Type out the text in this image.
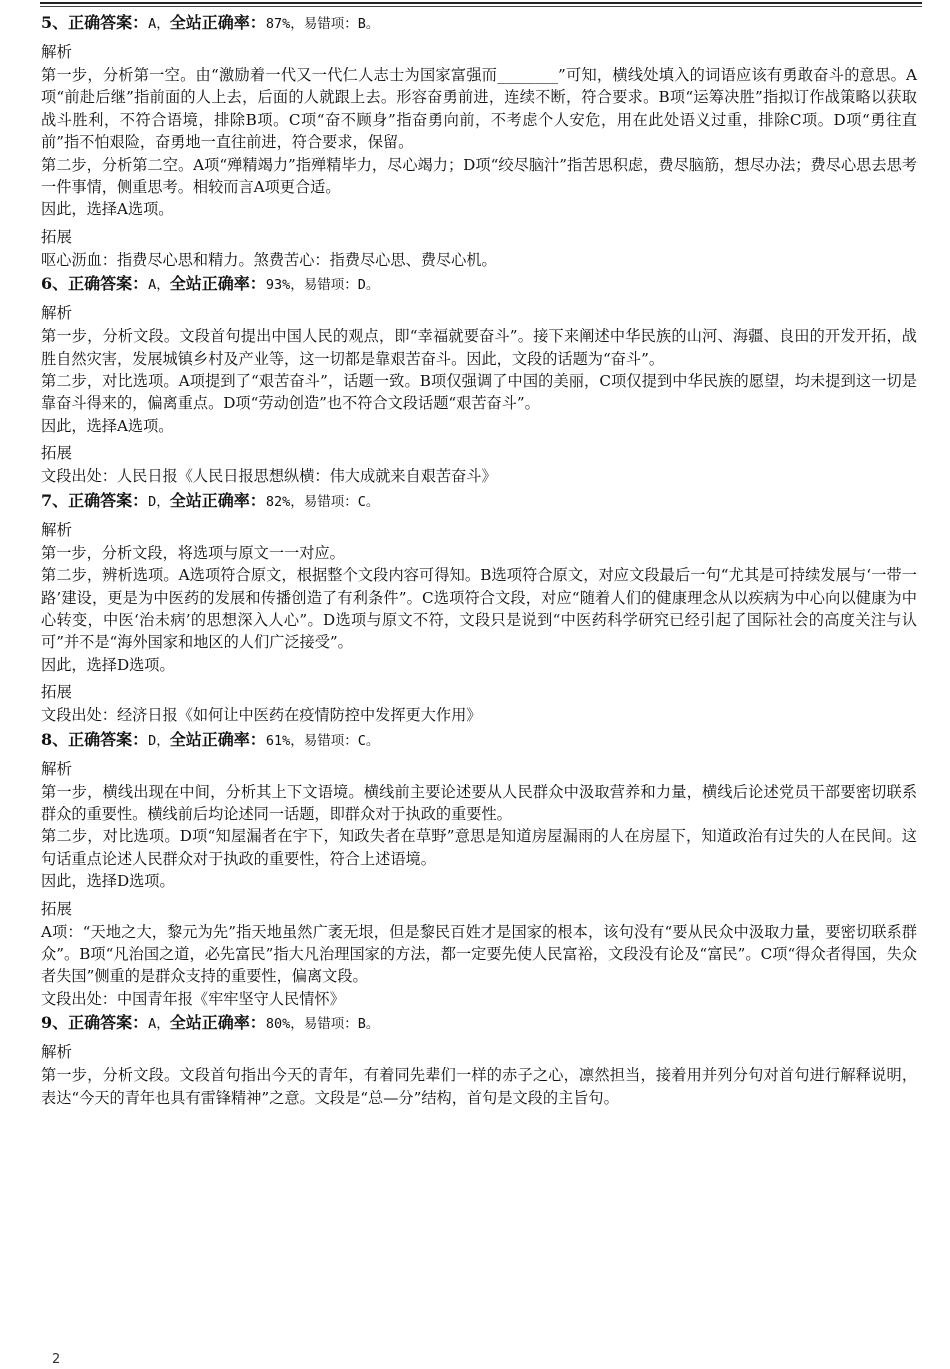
5、正确答案：A，全站正确率：87%，易错项：B。
解析

第一步，分析第一空。由“激励着一代又一代仁人志士为国家富强而________”可知，横线处填入的词语应该有勇敢奋斗的意思。A项“前赴后继”指前面的人上去，后面的人就跟上去。形容奋勇前进，连续不断，符合要求。B项“运筹决胜”指拟订作战策略以获取战斗胜利，不符合语境，排除B项。C项“奋不顾身”指奋勇向前，不考虑个人安危，用在此处语义过重，排除C项。D项“勇往直前”指不怕艰险，奋勇地一直往前进，符合要求，保留。

第二步，分析第二空。A项“殚精竭力”指殚精毕力，尽心竭力；D项“绞尽脑汁”指苦思积虑，费尽脑筋，想尽办法；费尽心思去思考一件事情，侧重思考。相较而言A项更合适。

因此，选择A选项。

拓展

呕心沥血：指费尽心思和精力。煞费苦心：指费尽心思、费尽心机。

6、正确答案：A，全站正确率：93%，易错项：D。
解析

第一步，分析文段。文段首句提出中国人民的观点，即“幸福就要奋斗”。接下来阐述中华民族的山河、海疆、良田的开发开拓，战胜自然灾害，发展城镇乡村及产业等，这一切都是靠艰苦奋斗。因此，文段的话题为“奋斗”。

第二步，对比选项。A项提到了“艰苦奋斗”，话题一致。B项仅强调了中国的美丽，C项仅提到中华民族的愿望，均未提到这一切是靠奋斗得来的，偏离重点。D项“劳动创造”也不符合文段话题“艰苦奋斗”。

因此，选择A选项。

拓展

文段出处：人民日报《人民日报思想纵横：伟大成就来自艰苦奋斗》

7、正确答案：D，全站正确率：82%，易错项：C。
解析

第一步，分析文段，将选项与原文一一对应。

第二步，辨析选项。A选项符合原文，根据整个文段内容可得知。B选项符合原文，对应文段最后一句“尤其是可持续发展与‘一带一路’建设，更是为中医药的发展和传播创造了有利条件”。C选项符合文段，对应“随着人们的健康理念从以疾病为中心向以健康为中心转变，中医‘治未病’的思想深入人心”。D选项与原文不符，文段只是说到“中医药科学研究已经引起了国际社会的高度关注与认可”并不是“海外国家和地区的人们广泛接受”。

因此，选择D选项。

拓展

文段出处：经济日报《如何让中医药在疫情防控中发挥更大作用》

8、正确答案：D，全站正确率：61%，易错项：C。
解析

第一步，横线出现在中间，分析其上下文语境。横线前主要论述要从人民群众中汲取营养和力量，横线后论述党员干部要密切联系群众的重要性。横线前后均论述同一话题，即群众对于执政的重要性。

第二步，对比选项。D项“知屋漏者在宇下，知政失者在草野”意思是知道房屋漏雨的人在房屋下，知道政治有过失的人在民间。这句话重点论述人民群众对于执政的重要性，符合上述语境。

因此，选择D选项。

拓展

A项：“天地之大，黎元为先”指天地虽然广袤无垠，但是黎民百姓才是国家的根本，该句没有“要从民众中汲取力量，要密切联系群众”。B项“凡治国之道，必先富民”指大凡治理国家的方法，都一定要先使人民富裕，文段没有论及“富民”。C项“得众者得国，失众者失国”侧重的是群众支持的重要性，偏离文段。

文段出处：中国青年报《牢牢坚守人民情怀》

9、正确答案：A，全站正确率：80%，易错项：B。
解析

第一步，分析文段。文段首句指出今天的青年，有着同先辈们一样的赤子之心，凛然担当，接着用并列分句对首句进行解释说明，表达“今天的青年也具有雷锋精神”之意。文段是“总—分”结构，首句是文段的主旨句。

2
